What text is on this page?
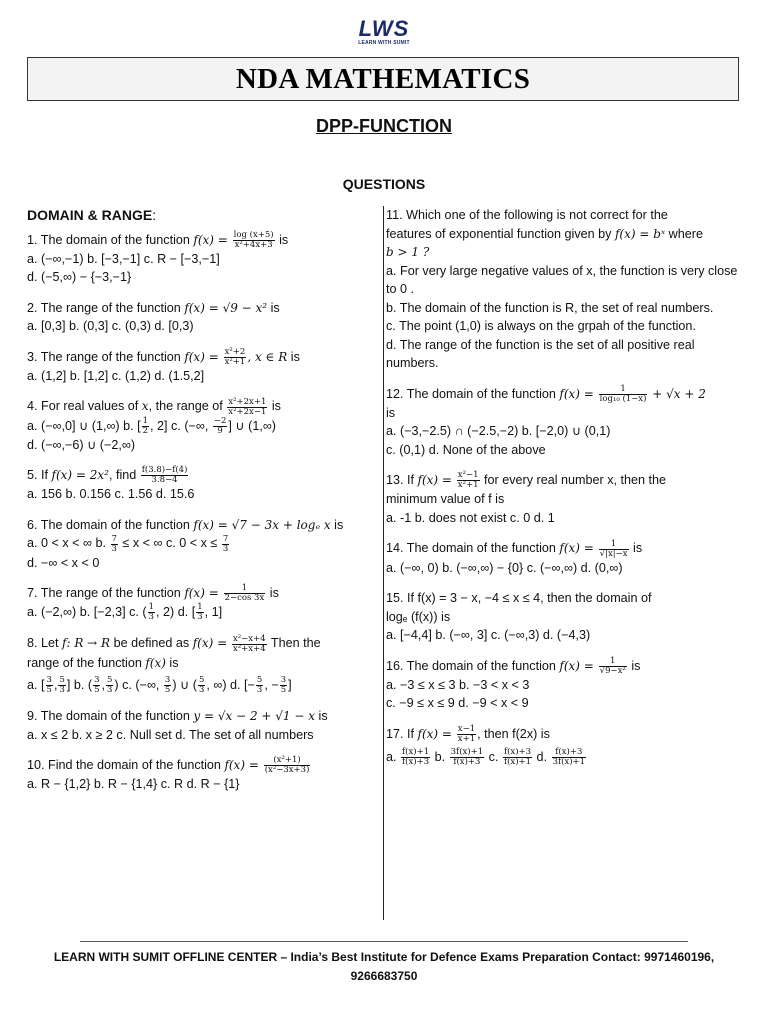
LWS
LEARN WITH SUMIT
NDA MATHEMATICS
DPP-FUNCTION
QUESTIONS
DOMAIN & RANGE:

1. The domain of the function $f(x) = \frac{\log (x+5)}{\text{x²+4x+3}}$ is

a. (−∞,−1) b. [−3,−1] c. R − [−3,−1]

d. (−5,∞) − {−3,−1}

2. The range of the function f(x) = √9 − x² is

a. [0,3] b. (0,3] c. (0,3) d. [0,3)

3. The range of the function $f(x) = \frac{\text{x²+2}}{\text{x²+1}}$ , x ∈ R is

a. (1,2] b. [1,2] c. (1,2) d. (1.5,2]

4. For real values of x, the range of $\frac{\text{x²+2x+1}}{\text{x²+2x−1}}$ is

a. (−∞,0] ∪ (1,∞) b. [ $\frac{1}{2}$ , 2] c. (−∞, $\frac{-2}{9}$ ] ∪ (1,∞)

d. (−∞,−6) ∪ (−2,∞)

5. If f(x) = 2x², find $\frac{f(3.8)-f(4)}{3.8-4}$

a. 156 b. 0.156 c. 1.56 d. 15.6

6. The domain of the function f(x) = √7 − 3x + logₑ x is

a. 0 < x < ∞ b. $\frac{7}{3} \le x$ < ∞ c. $0 < x \le \frac{7}{3}$

d. −∞ < x < 0

7. The range of the function $f(x) = \frac{1}{2-\cos 3x}$ is

a. (−2,∞) b. [−2,3] c. ( $\frac{1}{3}$ , 2) d. [ $\frac{1}{3}$ , 1]

8. Let f: R → R be defined as $f(x) = \frac{\text{x²−x+4}}{\text{x²+x+4}}$ Then the

range of the function f(x) is

a. [ $\frac{3}{5}$ , $\frac{5}{3}$ ] b. ( $\frac{3}{5}$ , $\frac{5}{3}$ ) c. (−∞, $\frac{3}{5}$ ) ∪ ( $\frac{5}{3}$ , ∞) d. [− $\frac{5}{3}$ , − $\frac{3}{5}$ ]

9. The domain of the function y = √x − 2 + √1 − x is

a. x ≤ 2 b. x ≥ 2 c. Null set d. The set of all numbers

10. Find the domain of the function $f(x) = \frac{\text{(x²+1)}}{\text{(x²−3x+3)}}$

a. R − {1,2} b. R − {1,4} c. R d. R − {1}

11. Which one of the following is not correct for the

features of exponential function given by f(x) = bˣ where

b > 1 ?

a. For very large negative values of x, the function is very close to 0 .

b. The domain of the function is R, the set of real numbers.

c. The point (1,0) is always on the grpah of the function.

d. The range of the function is the set of all positive real numbers.

12. The domain of the function $f(x) = \frac{1}{\text{log₁₀ (1−x)}} + √x + 2$

is

a. (−3,−2.5) ∩ (−2.5,−2) b. [−2,0) ∪ (0,1)

c. (0,1) d. None of the above

13. If $f(x) = \frac{\text{x²−1}}{\text{x²+1}}$ for every real number x, then the

minimum value of f is

a. -1 b. does not exist c. 0 d. 1

14. The domain of the function $f(x) = \frac{1}{√|x|-x}$ is

a. (−∞, 0) b. (−∞,∞) − {0} c. (−∞,∞) d. (0,∞)

15. If f(x) = 3 − x, −4 ≤ x ≤ 4, then the domain of

logₑ (f(x)) is

a. [−4,4] b. (−∞, 3] c. (−∞,3) d. (−4,3)

16. The domain of the function $f(x) = \frac{1}{\text{√9−x²}}$ is

a. −3 ≤ x ≤ 3 b. −3 < x < 3

c. −9 ≤ x ≤ 9 d. −9 < x < 9

17. If $f(x) = \frac{x-1}{x+1}$ , then f(2x) is

a. $\frac{f(x)+1}{f(x)+3} b$. $\frac{3f(x)+1}{f(x)+3} c$. $\frac{f(x)+3}{f(x)+1} d$. $\frac{f(x)+3}{3f(x)+1}$

LEARN WITH SUMIT OFFLINE CENTER – India’s Best Institute for Defence Exams Preparation Contact: 9971460196, 9266683750
